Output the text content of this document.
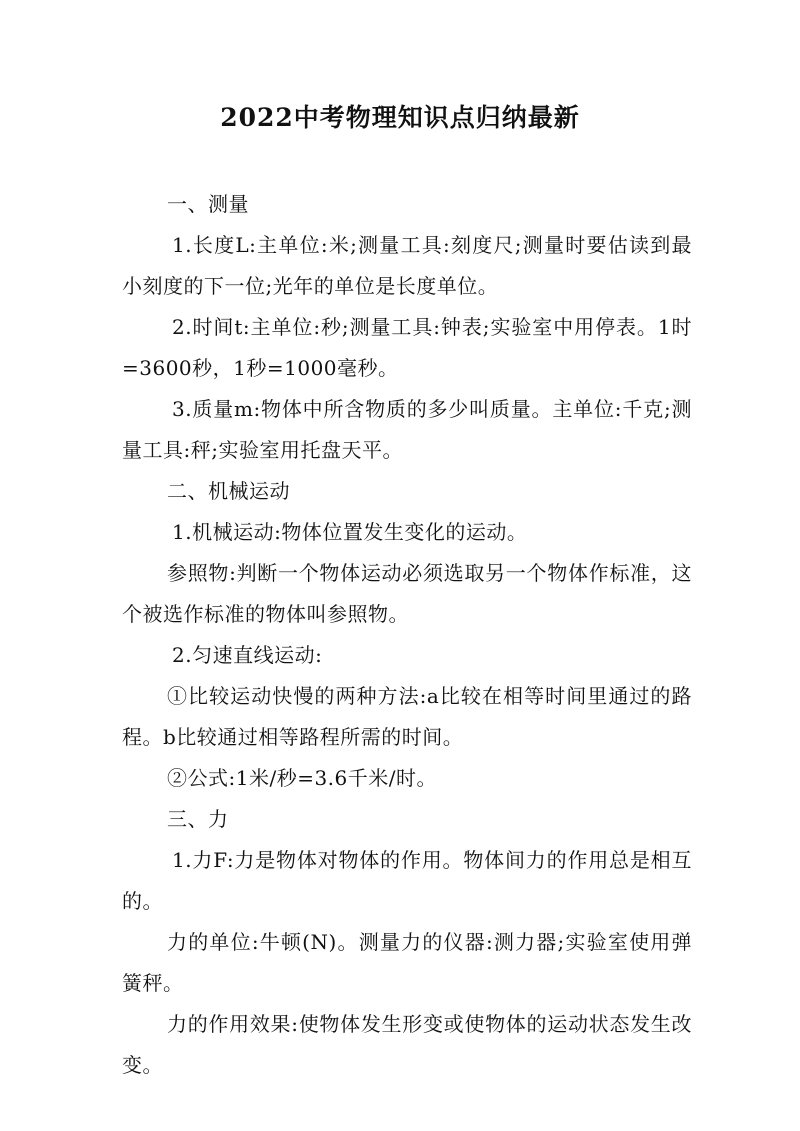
2022中考物理知识点归纳最新

一、测量

1.长度L:主单位:米;测量工具:刻度尺;测量时要估读到最小刻度的下一位;光年的单位是长度单位。

2.时间t:主单位:秒;测量工具:钟表;实验室中用停表。1时=3600秒，1秒=1000毫秒。

3.质量m:物体中所含物质的多少叫质量。主单位:千克;测量工具:秤;实验室用托盘天平。

二、机械运动

1.机械运动:物体位置发生变化的运动。

参照物:判断一个物体运动必须选取另一个物体作标准，这个被选作标准的物体叫参照物。

2.匀速直线运动:

①比较运动快慢的两种方法:a比较在相等时间里通过的路程。b比较通过相等路程所需的时间。

②公式:1米/秒=3.6千米/时。

三、力

1.力F:力是物体对物体的作用。物体间力的作用总是相互的。

力的单位:牛顿(N)。测量力的仪器:测力器;实验室使用弹簧秤。

力的作用效果:使物体发生形变或使物体的运动状态发生改变。
